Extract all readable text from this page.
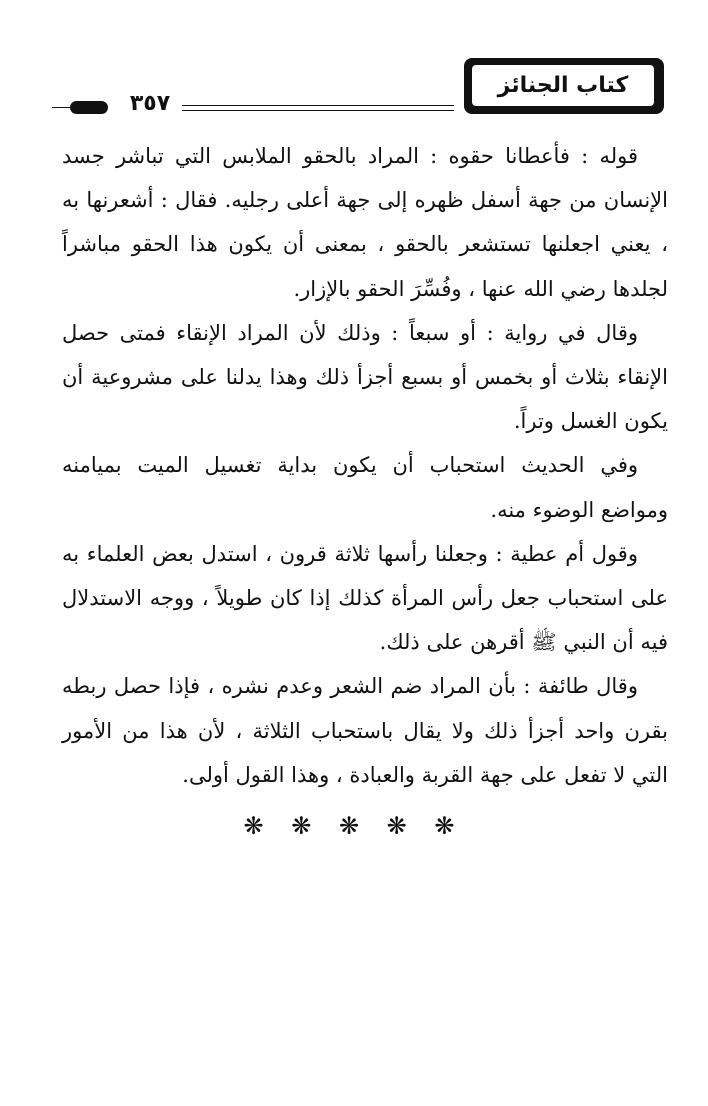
كتاب الجنائز
٣٥٧

قوله : فأعطانا حقوه : المراد بالحقو الملابس التي تباشر جسد الإنسان من جهة أسفل ظهره إلى جهة أعلى رجليه. فقال : أشعرنها به ، يعني اجعلنها تستشعر بالحقو ، بمعنى أن يكون هذا الحقو مباشراً لجلدها رضي الله عنها ، وفُسِّرَ الحقو بالإزار.

وقال في رواية : أو سبعاً : وذلك لأن المراد الإنقاء فمتى حصل الإنقاء بثلاث أو بخمس أو بسبع أجزأ ذلك وهذا يدلنا على مشروعية أن يكون الغسل وتراً.

وفي الحديث استحباب أن يكون بداية تغسيل الميت بميامنه ومواضع الوضوء منه.

وقول أم عطية : وجعلنا رأسها ثلاثة قرون ، استدل بعض العلماء به على استحباب جعل رأس المرأة كذلك إذا كان طويلاً ، ووجه الاستدلال فيه أن النبي ﷺ أقرهن على ذلك.

وقال طائفة : بأن المراد ضم الشعر وعدم نشره ، فإذا حصل ربطه بقرن واحد أجزأ ذلك ولا يقال باستحباب الثلاثة ، لأن هذا من الأمور التي لا تفعل على جهة القربة والعبادة ، وهذا القول أولى.

❋ ❋ ❋ ❋ ❋
